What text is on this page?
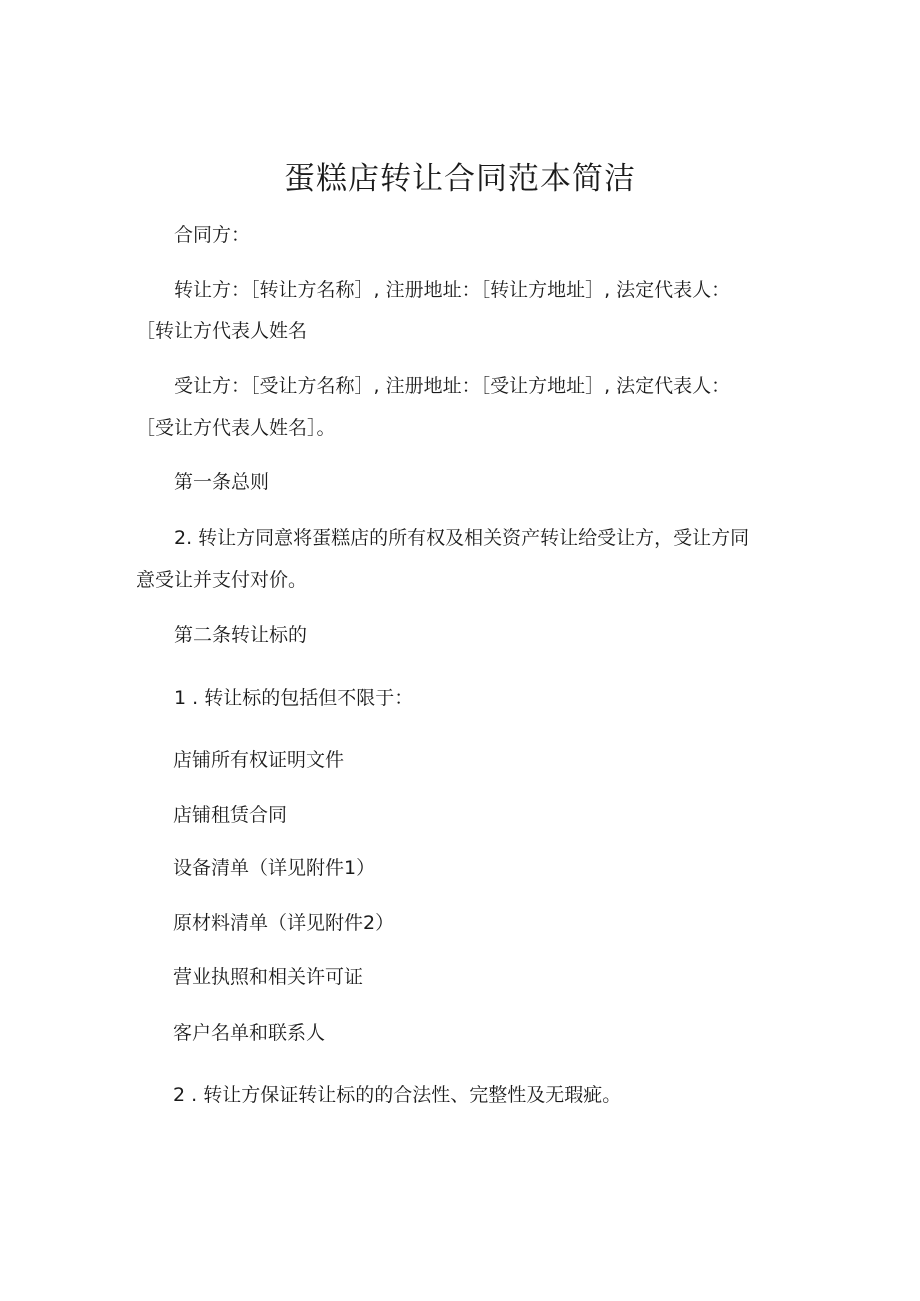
蛋糕店转让合同范本简洁
合同方：
转让方：［转让方名称］, 注册地址：［转让方地址］, 法定代表人：
［转让方代表人姓名
受让方：［受让方名称］, 注册地址：［受让方地址］, 法定代表人：
［受让方代表人姓名］。
第一条总则
2. 转让方同意将蛋糕店的所有权及相关资产转让给受让方，受让方同
意受让并支付对价。
第二条转让标的
1 . 转让标的包括但不限于：
店铺所有权证明文件
店铺租赁合同
设备清单（详见附件1）
原材料清单（详见附件2）
营业执照和相关许可证
客户名单和联系人
2 . 转让方保证转让标的的合法性、完整性及无瑕疵。
